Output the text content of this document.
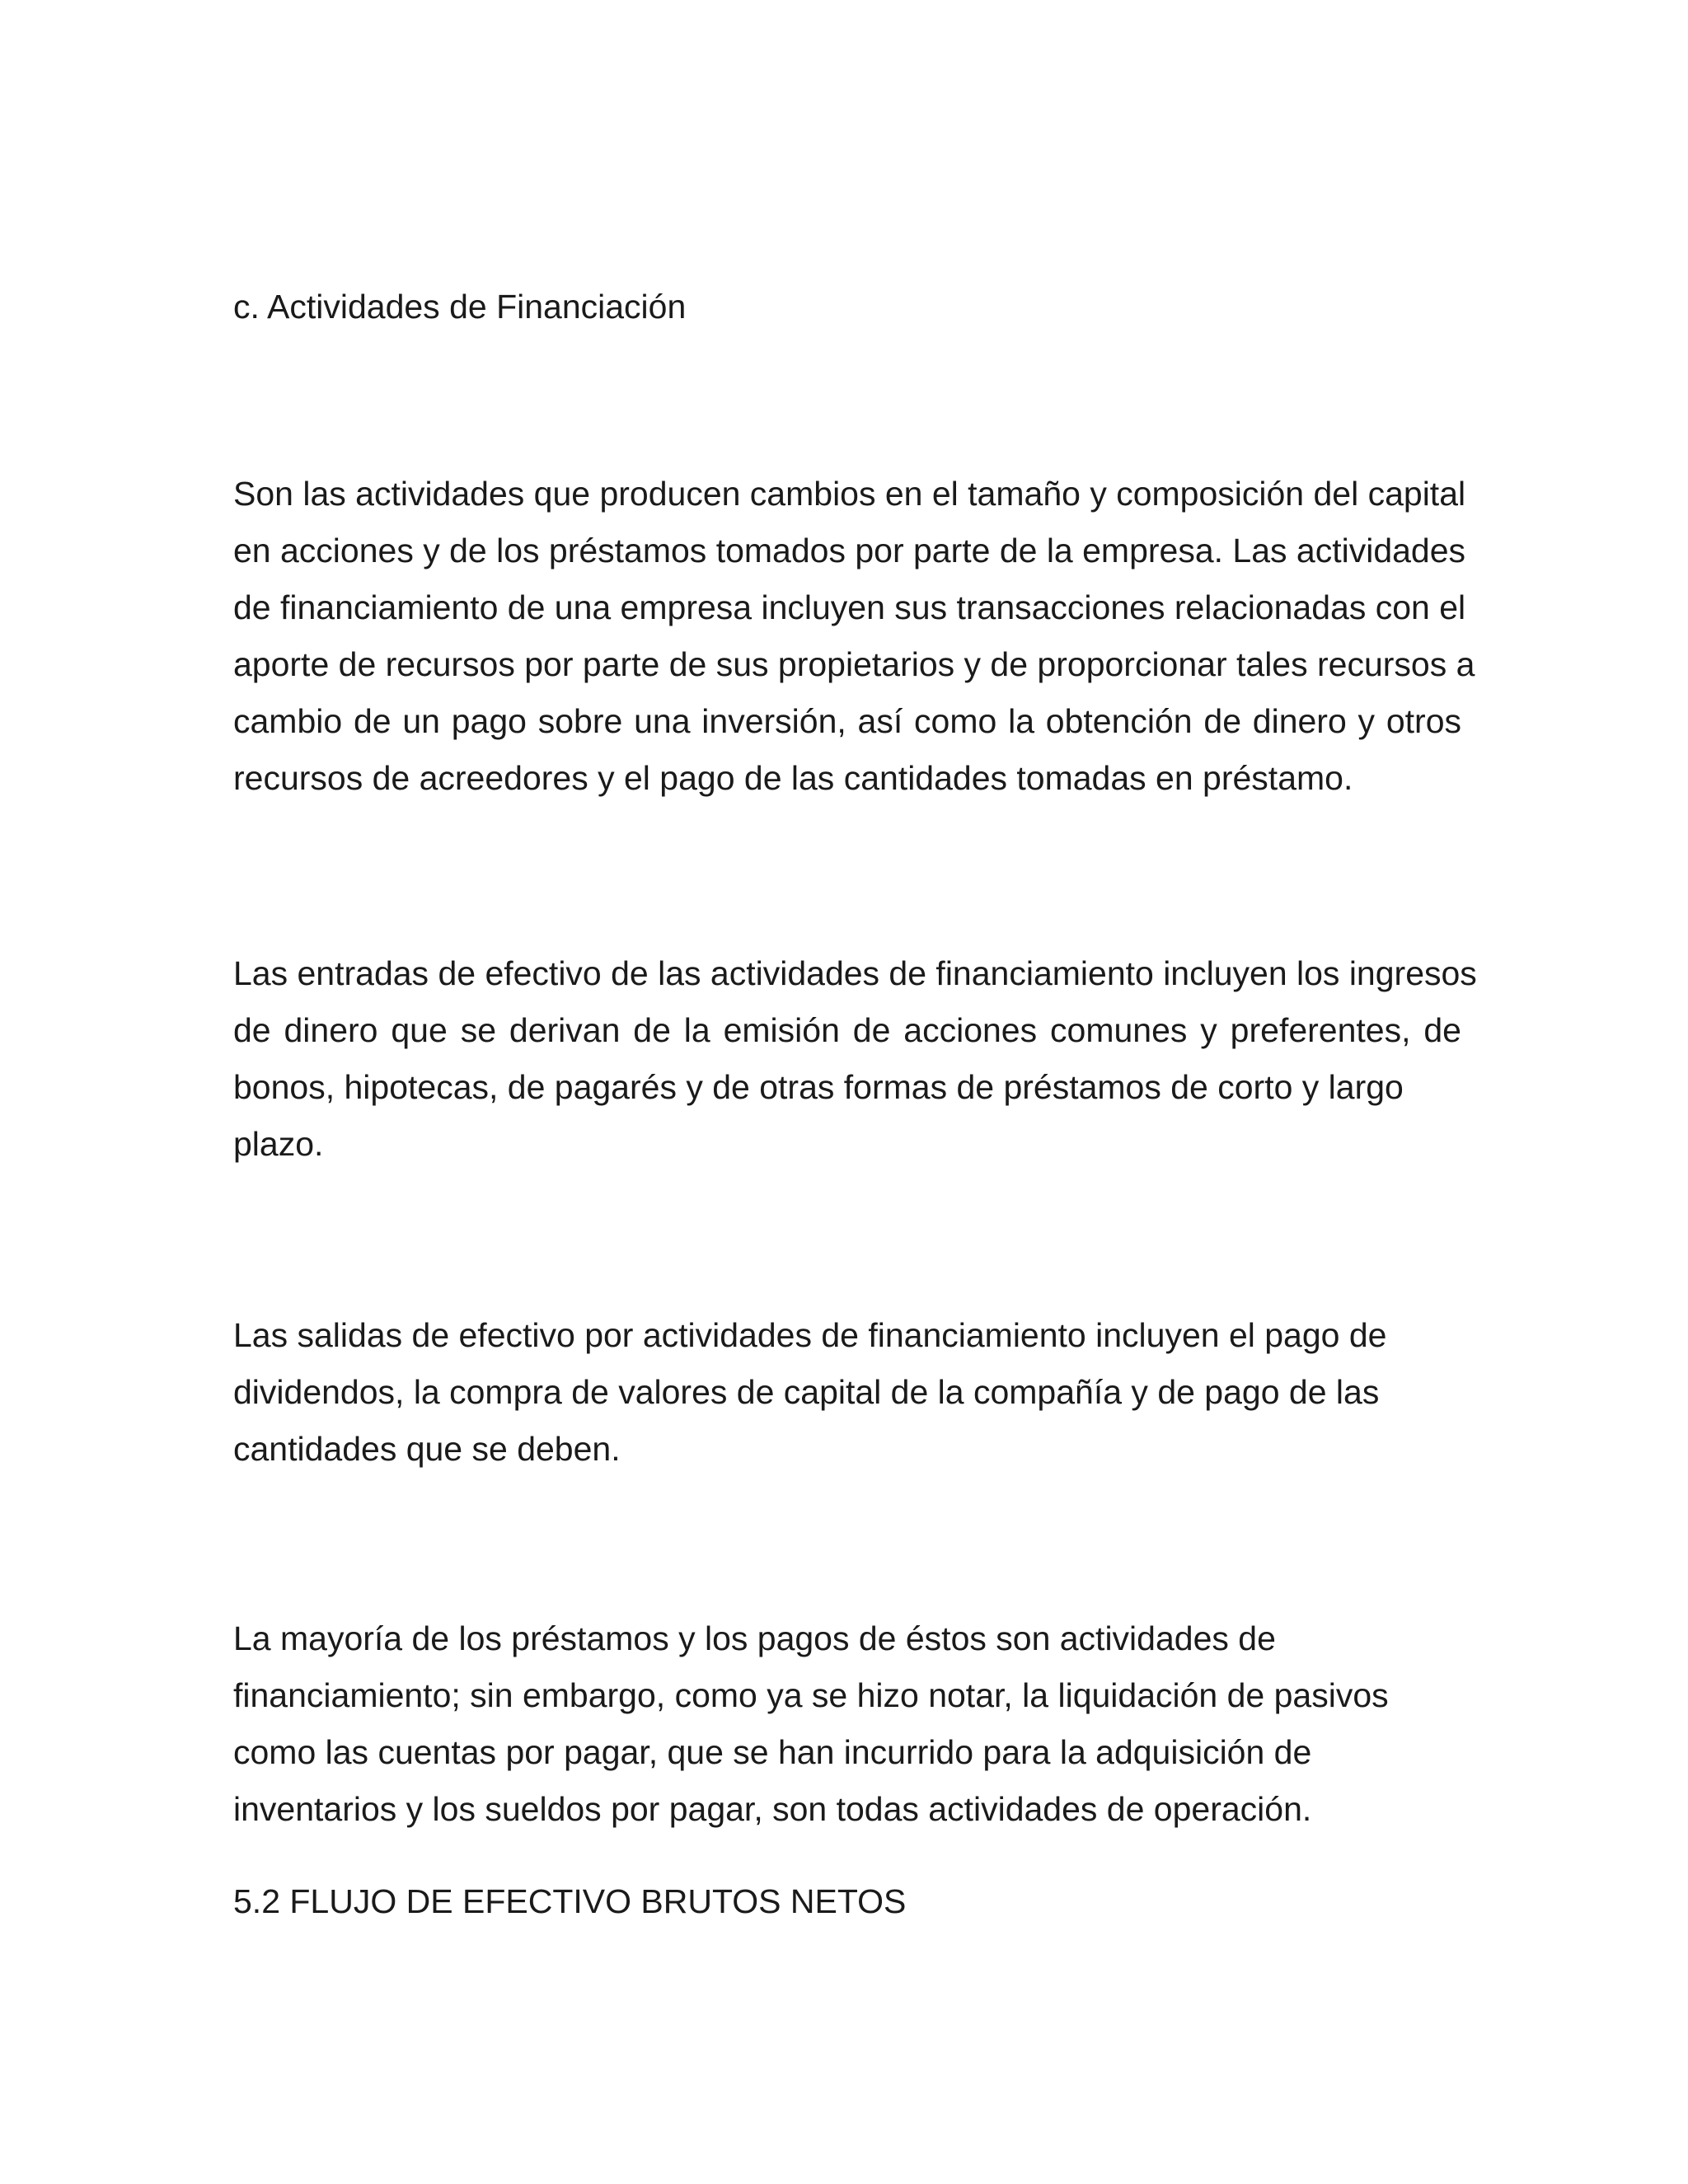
c. Actividades de Financiación

Son las actividades que producen cambios en el tamaño y composición del capital
en acciones y de los préstamos tomados por parte de la empresa. Las actividades
de financiamiento de una empresa incluyen sus transacciones relacionadas con el
aporte de recursos por parte de sus propietarios y de proporcionar tales recursos a
cambio de un pago sobre una inversión, así como la obtención de dinero y otros
recursos de acreedores y el pago de las cantidades tomadas en préstamo.

Las entradas de efectivo de las actividades de financiamiento incluyen los ingresos
de dinero que se derivan de la emisión de acciones comunes y preferentes, de
bonos, hipotecas, de pagarés y de otras formas de préstamos de corto y largo
plazo.

Las salidas de efectivo por actividades de financiamiento incluyen el pago de
dividendos, la compra de valores de capital de la compañía y de pago de las
cantidades que se deben.

La mayoría de los préstamos y los pagos de éstos son actividades de
financiamiento; sin embargo, como ya se hizo notar, la liquidación de pasivos
como las cuentas por pagar, que se han incurrido para la adquisición de
inventarios y los sueldos por pagar, son todas actividades de operación.

5.2 FLUJO DE EFECTIVO BRUTOS NETOS
